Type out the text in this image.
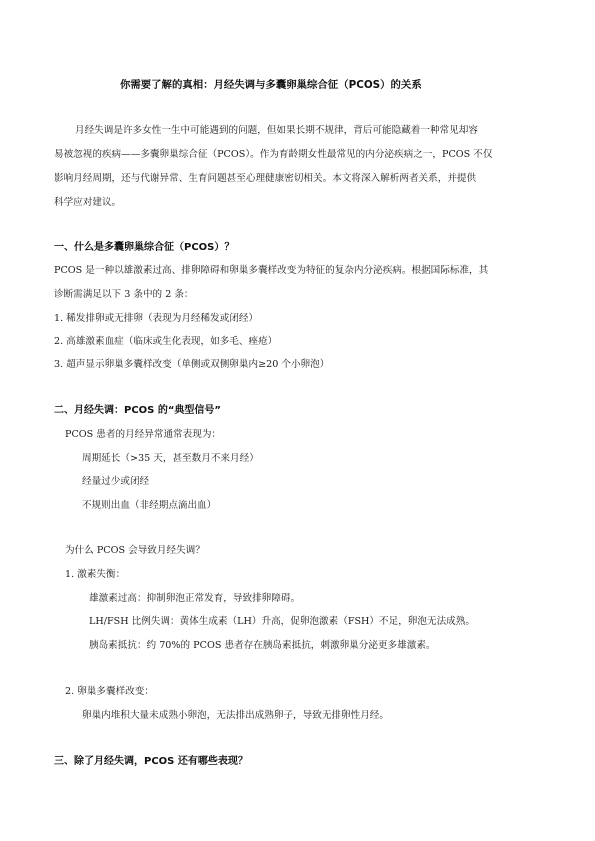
你需要了解的真相：月经失调与多囊卵巢综合征（PCOS）的关系
月经失调是许多女性一生中可能遇到的问题，但如果长期不规律，背后可能隐藏着一种常见却容
易被忽视的疾病——多囊卵巢综合征（PCOS）。作为育龄期女性最常见的内分泌疾病之一，PCOS 不仅
影响月经周期，还与代谢异常、生育问题甚至心理健康密切相关。本文将深入解析两者关系，并提供
科学应对建议。
一、什么是多囊卵巢综合征（PCOS）？
PCOS 是一种以雄激素过高、排卵障碍和卵巢多囊样改变为特征的复杂内分泌疾病。根据国际标准，其
诊断需满足以下 3 条中的 2 条：
1. 稀发排卵或无排卵（表现为月经稀发或闭经）
2. 高雄激素血症（临床或生化表现，如多毛、痤疮）
3. 超声显示卵巢多囊样改变（单侧或双侧卵巢内≥20 个小卵泡）
二、月经失调：PCOS 的“典型信号”
PCOS 患者的月经异常通常表现为：
周期延长（>35 天，甚至数月不来月经）
经量过少或闭经
不规则出血（非经期点滴出血）
为什么 PCOS 会导致月经失调？
1. 激素失衡：
雄激素过高：抑制卵泡正常发育，导致排卵障碍。
LH/FSH 比例失调：黄体生成素（LH）升高，促卵泡激素（FSH）不足，卵泡无法成熟。
胰岛素抵抗：约 70%的 PCOS 患者存在胰岛素抵抗，刺激卵巢分泌更多雄激素。
2. 卵巢多囊样改变：
卵巢内堆积大量未成熟小卵泡，无法排出成熟卵子，导致无排卵性月经。
三、除了月经失调，PCOS 还有哪些表现？
